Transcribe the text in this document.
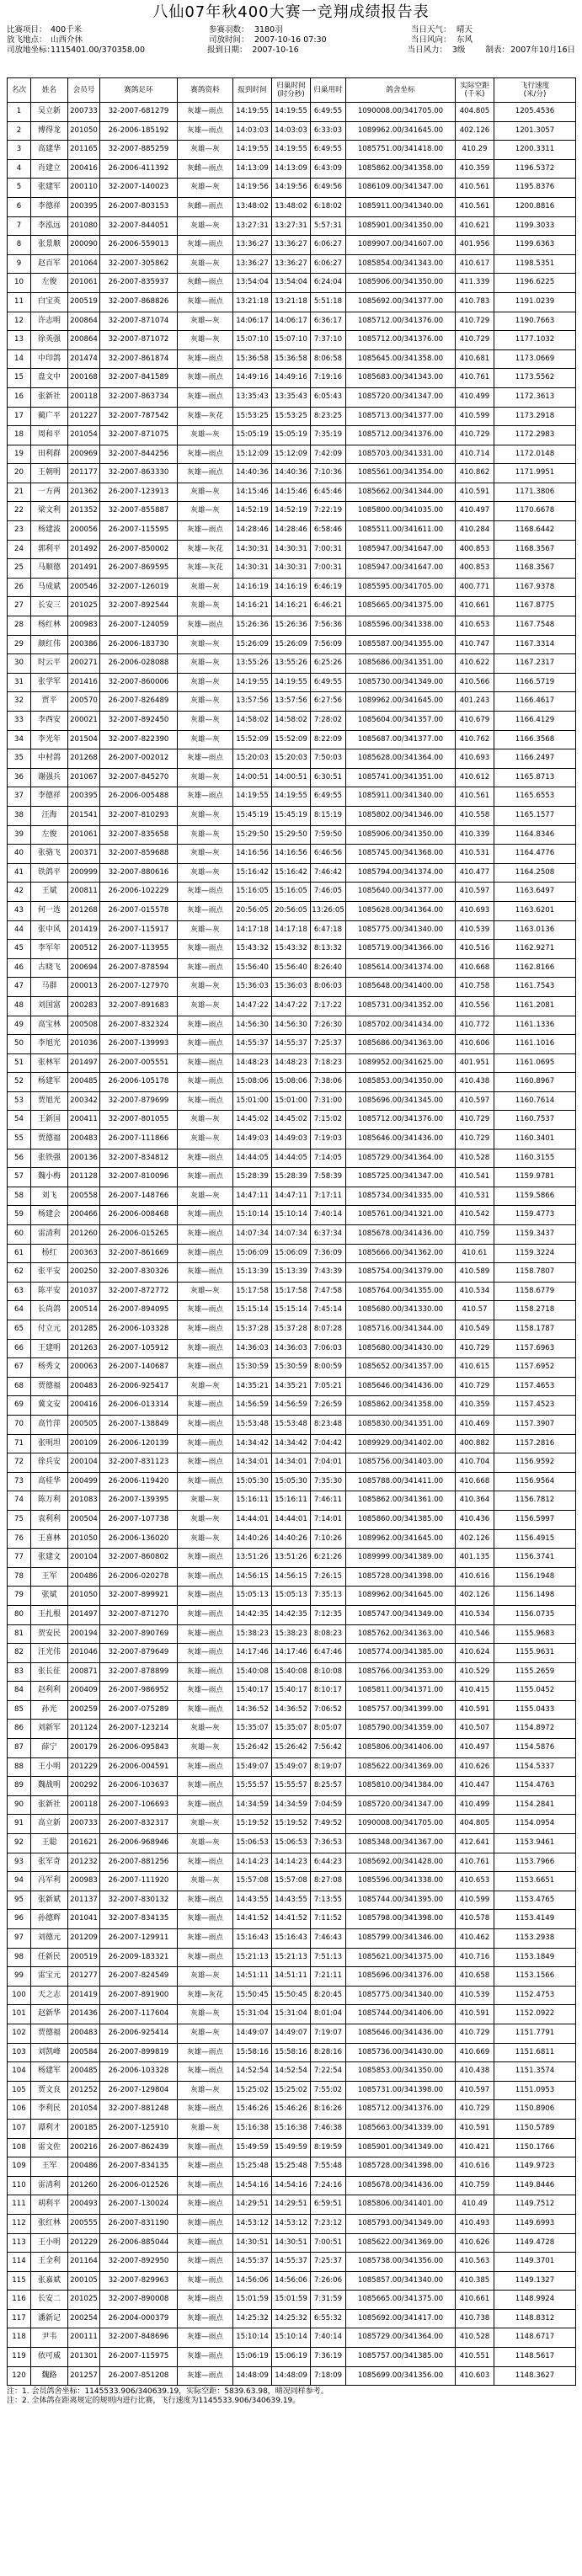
八仙07年秋400大赛一竞翔成绩报告表
比赛项目： 400千米	参赛羽数： 3180羽	当日天气： 晴天
放飞地点： 山西介休	司放时间： 2007-10-16 07:30	当日风向： 东风
司放地坐标：
1115401.00/370358.00	报到日期： 2007-10-16	当日风力： 3级	制表： 2007年10月16日
名次	姓名	会员号	赛鸽足环	赛鸽资料	报到时间	归巢时间
(时分秒)	归巢用时	鸽舍坐标	实际空距
(千米)	飞行速度
(米/分)
1	吴立新	200733	32-2007-681279	灰雄—雨点	14:19:55	14:19:55	6:49:55	1090008.00/341705.00	404.805	1205.4536
2	博得龙	201050	26-2006-185192	灰雄—雨点	14:03:03	14:03:03	6:33:03	1089962.00/341645.00	402.126	1201.3057
3	高建华	201165	32-2007-885259	灰雄—灰	14:19:55	14:19:55	6:49:55	1085751.00/341418.00	410.29	1200.3311
4	肖建立	200416	26-2006-411392	灰雌—雨点	14:13:09	14:13:09	6:43:09	1085862.00/341358.00	410.359	1196.5372
5	张建军	200110	32-2007-140023	灰雄—灰	14:19:56	14:19:56	6:49:56	1086109.00/341347.00	410.561	1195.8376
6	李德祥	200395	26-2007-803153	灰雌—雨点	13:48:02	13:48:02	6:18:02	1085911.00/341340.00	410.561	1200.8816
7	李泓远	201080	32-2007-844051	灰雄—灰	13:27:31	13:27:31	5:57:31	1085901.00/341350.00	410.621	1199.3033
8	张景顺	200090	26-2006-559013	灰雄—雨点	13:36:27	13:36:27	6:06:27	1089907.00/341607.00	401.956	1199.6363
9	赵百军	201064	32-2007-305862	灰雄—灰	13:36:27	13:36:27	6:06:27	1085854.00/341343.00	410.617	1198.5351
10	左俊	201061	26-2007-835937	灰雌—雨点	13:54:04	13:54:04	6:24:04	1085906.00/341350.00	411.339	1196.6225
11	白宝英	200519	32-2007-868826	灰雄—雨点	13:21:18	13:21:18	5:51:18	1085692.00/341377.00	410.783	1191.0239
12	许志明	200864	32-2007-871074	灰雄—灰	14:06:17	14:06:17	6:36:17	1085712.00/341376.00	410.729	1190.7663
13	徐英强	200864	32-2007-871072	灰雄—灰	15:07:10	15:07:10	7:37:10	1085712.00/341376.00	410.729	1177.1032
14	中印鸽	201474	32-2007-861874	灰雄—雨点	15:36:58	15:36:58	8:06:58	1085645.00/341358.00	410.681	1173.0669
15	盘文中	200168	32-2007-841589	灰雄—雨点	14:49:16	14:49:16	7:19:16	1085683.00/341343.00	410.761	1173.5562
16	张新社	200118	32-2007-863734	灰雄—雨点	13:35:43	13:35:43	6:05:43	1085720.00/341347.00	410.499	1172.3613
17	蔺广平	201227	32-2007-787542	灰雄—灰花	15:53:25	15:53:25	8:23:25	1085713.00/341377.00	410.599	1173.2918
18	周和平	201054	32-2007-871075	灰雄—灰	15:05:19	15:05:19	7:35:19	1085712.00/341376.00	410.729	1172.2983
19	田利群	200969	32-2007-844256	灰雄—雨点	15:12:09	15:12:09	7:42:09	1085703.00/341331.00	410.714	1172.0148
20	王朝明	201177	32-2007-863330	灰雄—雨点	14:40:36	14:40:36	7:10:36	1085561.00/341354.00	410.862	1171.9951
21	一方两	201362	26-2007-123913	灰雄—灰	14:15:46	14:15:46	6:45:46	1085662.00/341344.00	410.591	1171.3806
22	梁文利	201352	32-2007-855887	灰雄—灰	14:52:19	14:52:19	7:22:19	1085800.00/341035.00	410.497	1170.6678
23	杨建波	200056	26-2007-115595	灰雄—雨点	14:28:46	14:28:46	6:58:46	1085511.00/341611.00	410.284	1168.6442
24	郭利平	201492	26-2007-850002	灰雄—灰花	14:30:31	14:30:31	7:00:31	1085947.00/341647.00	400.853	1168.3567
25	马顺德	201491	26-2007-869595	灰雄—灰花	14:30:31	14:30:31	7:00:31	1085947.00/341647.00	400.853	1168.3567
26	马成斌	200546	32-2007-126019	灰雄—灰	14:16:19	14:16:19	6:46:19	1085595.00/341705.00	400.771	1167.9378
27	长安三	201025	32-2007-892544	灰雄—灰	14:16:21	14:16:21	6:46:21	1085665.00/341375.00	410.661	1167.8775
28	杨红林	200983	26-2007-124059	灰雄—雨点	15:26:36	15:26:36	7:56:36	1085596.00/341338.00	410.653	1167.7548
29	颜红伟	200386	26-2006-183730	灰雄—灰	15:26:09	15:26:09	7:56:09	1085587.00/341355.00	410.747	1167.3314
30	时云平	200271	26-2006-028088	灰雄—灰	13:55:26	13:55:26	6:25:26	1085686.00/341351.00	410.622	1167.2317
31	张学军	201416	32-2007-860006	灰雄—灰	14:19:55	14:19:55	6:49:55	1085730.00/341349.00	410.566	1166.5719
32	贾平	200570	26-2007-826489	灰雄—灰	13:57:56	13:57:56	6:27:56	1089962.00/341645.00	401.243	1166.4617
33	李西安	200021	32-2007-892450	灰雄—灰	14:58:02	14:58:02	7:28:02	1085604.00/341357.00	410.679	1166.4129
34	李光年	201504	32-2007-822390	灰雄—灰	15:52:09	15:52:09	8:22:09	1085687.00/341377.00	410.762	1166.3568
35	中村鸽	201268	26-2007-002012	灰雄—雨点	15:20:03	15:20:03	7:50:03	1085628.00/341364.00	410.693	1166.2497
36	谢强兵	201067	32-2007-845270	灰雄—灰	14:00:51	14:00:51	6:30:51	1085741.00/341351.00	410.612	1165.8713
37	李德祥	200395	26-2006-005488	灰雄—雨点	14:19:55	14:19:55	6:49:55	1085911.00/341340.00	410.561	1165.6553
38	汪海	201541	32-2007-810293	灰雄—灰	15:45:19	15:45:19	8:15:19	1085802.00/341346.00	410.558	1165.1577
39	左俊	201061	32-2007-835658	灰雄—灰	15:29:50	15:29:50	7:59:50	1085906.00/341350.00	410.339	1164.8346
40	张骆飞	200371	32-2007-859688	灰雄—灰	14:16:56	14:16:56	6:46:56	1085745.00/341368.00	410.531	1164.4776
41	铁鸽平	200999	32-2007-880616	灰雄—灰	15:16:42	15:16:42	7:46:42	1085794.00/341374.00	410.477	1164.2508
42	王斌	200811	26-2006-102229	灰雄—雨点	15:16:05	15:16:05	7:46:05	1085640.00/341377.00	410.597	1163.6497
43	何一选	201268	26-2007-015578	灰雄—雨点	20:56:05	20:56:05	13:26:05	1085628.00/341364.00	410.693	1163.6201
44	张中风	201419	26-2007-115917	灰雄—灰	14:17:18	14:17:18	6:47:18	1085775.00/341340.00	410.539	1163.0136
45	李军年	200512	26-2007-113955	灰雄—雨点	15:43:32	15:43:32	8:13:32	1085719.00/341366.00	410.516	1162.9271
46	古晓飞	200694	26-2007-878594	灰雄—雨点	15:56:40	15:56:40	8:26:40	1085614.00/341374.00	410.668	1162.8166
47	马群	200013	26-2007-127970	灰雄—灰	15:36:03	15:36:03	8:06:03	1085648.00/341400.00	410.758	1161.7543
48	刘国富	200283	32-2007-891683	灰雄—灰	14:47:22	14:47:22	7:17:22	1085731.00/341352.00	410.556	1161.2081
49	高宝林	200508	26-2007-832324	灰雄—雨点	14:56:30	14:56:30	7:26:30	1085702.00/341434.00	410.772	1161.1336
50	李旭光	201036	26-2007-139993	灰雄—雨点	14:55:37	14:55:37	7:25:37	1085686.00/341363.00	410.606	1161.1016
51	张林军	201497	26-2007-005551	灰雄—雨点	14:48:23	14:48:23	7:18:23	1089952.00/341625.00	401.951	1161.0695
52	杨建军	200485	26-2006-105178	灰雄—雨点	15:08:06	15:08:06	7:38:06	1085853.00/341350.00	410.438	1160.8967
53	贾旭光	200342	32-2007-879699	灰雄—雨点	15:01:00	15:01:00	7:31:00	1085696.00/341345.00	410.597	1160.7614
54	王新国	200411	32-2007-801055	灰雄—灰	14:45:02	14:45:02	7:15:02	1085712.00/341376.00	410.729	1160.7537
55	贾德福	200483	26-2007-111866	灰雄—灰	14:49:03	14:49:03	7:19:03	1085646.00/341436.00	410.729	1160.3401
56	张铁强	200136	32-2007-834812	灰雄—雨点	14:44:05	14:44:05	7:14:05	1085729.00/341364.00	410.528	1160.3155
57	魏小梅	201128	32-2007-810096	灰雄—雨点	15:28:39	15:28:39	7:58:39	1085725.00/341347.00	410.541	1159.9781
58	刘飞	200558	26-2007-148766	灰雄—灰	14:47:11	14:47:11	7:17:11	1085734.00/341335.00	410.531	1159.5866
59	杨建会	200466	26-2006-008468	灰雄—雨点	15:10:14	15:10:14	7:40:14	1085761.00/341321.00	410.542	1159.4773
60	雷清利	201260	26-2006-015265	灰雄—雨点	14:07:34	14:07:34	6:37:34	1085678.00/341436.00	410.759	1159.3437
61	杨红	200363	32-2007-861669	灰雄—雨点	15:06:09	15:06:09	7:36:09	1085666.00/341362.00	410.61	1159.3224
62	张平安	200250	32-2007-830326	灰雄—雨点	15:13:39	15:13:39	7:43:39	1085754.00/341379.00	410.589	1158.7807
63	陈平安	201037	32-2007-872772	灰雄—灰	15:17:58	15:17:58	7:47:58	1085764.00/341355.00	410.534	1158.6779
64	长尚鸽	200514	26-2007-894095	灰雄—雨点	15:15:14	15:15:14	7:45:14	1085680.00/341330.00	410.57	1158.2718
65	付立元	201285	26-2006-103328	灰雄—雨点	15:37:28	15:37:28	8:07:28	1085716.00/341344.00	410.549	1158.1787
66	王建明	201263	26-2007-105912	灰雄—雨点	14:36:03	14:36:03	7:06:03	1085680.00/341430.00	410.729	1157.6963
67	杨秀文	200063	26-2007-140687	灰雄—雨点	15:30:59	15:30:59	8:00:59	1085652.00/341357.00	410.615	1157.6952
68	贾德福	200483	26-2006-925417	灰雄—灰	14:35:21	14:35:21	7:05:21	1085646.00/341436.00	410.729	1157.4653
69	冀文安	200416	26-2006-013314	灰雄—雨点	14:56:59	14:56:59	7:26:59	1085862.00/341358.00	410.359	1157.4523
70	高竹萍	200505	26-2007-138849	灰雄—雨点	15:53:48	15:53:48	8:23:48	1085830.00/341351.00	410.469	1157.3907
71	张明坦	200109	26-2006-120139	灰雄—雨点	14:34:42	14:34:42	7:04:42	1089929.00/341402.00	400.882	1157.2816
72	徐兵安	200104	32-2007-831123	灰雄—雨点	14:34:01	14:34:01	7:04:01	1085756.00/341403.00	410.704	1156.9592
73	高桂华	200499	26-2006-119420	灰雄—雨点	15:05:30	15:05:30	7:35:30	1085788.00/341411.00	410.668	1156.9564
74	陈万利	201083	26-2007-139395	灰雄—灰	15:16:11	15:16:11	7:46:11	1085862.00/341361.00	410.364	1156.7812
75	袁利利	200504	26-2007-107738	灰雄—灰	14:44:01	14:44:01	7:14:01	1085860.00/341385.00	410.436	1156.5997
76	王喜林	201050	26-2006-136020	灰雄—灰	14:40:26	14:40:26	7:10:26	1089962.00/341645.00	402.126	1156.4915
77	张建文	200104	32-2007-860802	灰雄—雨点	13:51:26	13:51:26	6:21:26	1089999.00/341389.00	401.135	1156.3741
78	王军	200486	26-2006-020278	灰雄—雨点	14:56:15	14:56:15	7:26:15	1085728.00/341398.00	410.616	1156.1948
79	张斌	201050	32-2007-899921	灰雄—雨点	15:05:13	15:05:13	7:35:13	1089962.00/341645.00	402.126	1156.1498
80	王扎根	201497	32-2007-871270	灰雄—雨点	14:42:35	14:42:35	7:12:35	1085747.00/341349.00	410.534	1156.0735
81	贺安民	200194	32-2007-890769	灰雄—雨点	15:38:23	15:38:23	8:08:23	1085762.00/341363.00	410.546	1155.9683
82	汪光伟	201046	32-2007-879649	灰雄—雨点	14:17:46	14:17:46	6:47:46	1085774.00/341385.00	410.624	1155.9631
83	张长征	200871	32-2007-878899	灰雄—雨点	15:40:08	15:40:08	8:10:08	1085766.00/341353.00	410.529	1155.2659
84	赵利利	200409	26-2007-986952	灰雄—雨点	15:40:17	15:40:17	8:10:17	1085811.00/341371.00	410.415	1155.0452
85	孙光	200259	26-2007-075289	灰雄—雨点	14:36:52	14:36:52	7:06:52	1085757.00/341399.00	410.591	1155.0433
86	刘新军	201124	26-2007-123214	灰雄—灰	15:35:07	15:35:07	8:05:07	1085790.00/341359.00	410.507	1154.8972
87	薛宁	200179	26-2006-095843	灰雄—灰	15:26:42	15:26:42	7:56:42	1085806.00/341406.00	410.497	1154.5876
88	王小明	201229	26-2006-004591	灰雄—雨点	15:49:07	15:49:07	8:19:07	1085622.00/341369.00	410.626	1154.5337
89	魏战明	200292	26-2006-103637	灰雄—雨点	15:55:57	15:55:57	8:25:57	1085810.00/341384.00	410.447	1154.4763
90	张新社	200118	26-2007-106693	灰雄—雨点	14:34:59	14:34:59	7:04:59	1085720.00/341347.00	410.499	1154.2841
91	高立新	200733	26-2007-832317	灰雄—灰	15:19:52	15:19:52	7:49:52	1090008.00/341705.00	404.805	1154.0954
92	王聪	201621	26-2006-968946	灰雄—灰	15:06:53	15:06:53	7:36:53	1085348.00/341367.00	412.641	1153.9461
93	张军奇	201232	26-2007-881256	灰雄—雨点	14:14:23	14:14:23	6:44:23	1085692.00/341428.00	410.761	1153.7966
94	冯军利	200983	26-2007-111920	灰雄—灰	15:57:08	15:57:08	8:27:08	1085596.00/341338.00	410.653	1153.6651
95	张新斌	201137	32-2007-830132	灰雄—雨点	14:43:55	14:43:55	7:13:55	1085744.00/341395.00	410.599	1153.4765
96	孙德辉	201041	32-2007-834135	灰雄—雨点	14:41:52	14:41:52	7:11:52	1085798.00/341398.00	410.578	1153.4149
97	刘德元	201209	26-2007-129911	灰雄—雨点	15:16:43	15:16:43	7:46:43	1085799.00/341346.00	410.462	1153.2938
98	任新民	200519	26-2009-183321	灰雄—雨点	15:21:13	15:21:13	7:51:13	1085621.00/341375.00	410.716	1153.1849
99	雷宝元	201277	26-2007-824549	灰雄—灰	14:51:11	14:51:11	7:21:11	1085696.00/341376.00	410.658	1153.1566
100	天之志	201419	26-2007-891900	灰雄—灰花	15:50:45	15:50:45	8:20:45	1085775.00/341340.00	410.539	1152.4753
101	赵新华	201436	26-2007-117604	灰雄—灰	15:31:04	15:31:04	8:01:04	1085744.00/341406.00	410.591	1152.0922
102	贾德福	200483	26-2006-925414	灰雄—灰	14:49:07	14:49:07	7:19:07	1085646.00/341436.00	410.729	1151.7791
103	刘凯峰	200584	26-2007-899819	灰雄—雨点	15:58:16	15:58:16	8:28:16	1085736.00/341430.00	410.669	1151.6811
104	杨建军	200485	26-2006-103328	灰雄—雨点	14:52:54	14:52:54	7:22:54	1085853.00/341350.00	410.438	1151.3574
105	贾文良	201252	26-2007-129804	灰雄—灰	15:25:02	15:25:02	7:55:02	1085731.00/341398.00	410.597	1151.0953
106	李利民	201054	32-2007-881248	灰雄—雨点	15:46:26	15:46:26	8:16:26	1085712.00/341376.00	410.729	1150.8906
107	谭利才	200185	26-2007-125910	灰雄—灰	15:16:38	15:16:38	7:46:38	1085663.00/341339.00	410.591	1150.5789
108	雷文佐	200216	26-2007-862439	灰雄—雨点	15:49:59	15:49:59	8:19:59	1085901.00/341349.00	410.421	1150.1766
109	王军	200486	26-2007-834135	灰雄—雨点	15:25:48	15:25:48	7:55:48	1085728.00/341398.00	410.616	1149.9723
110	雷清利	201260	26-2006-012526	灰雄—雨点	14:54:16	14:54:16	7:24:16	1085678.00/341436.00	410.759	1149.8446
111	胡利平	200493	26-2007-130024	灰雄—雨点	14:29:51	14:29:51	6:59:51	1085806.00/341401.00	410.49	1149.7512
112	张红林	200555	26-2007-831190	灰雄—雨点	14:53:12	14:53:12	7:23:12	1085793.00/341349.00	410.493	1149.6993
113	王小明	201229	26-2006-885044	灰雄—雨点	14:30:51	14:30:51	7:00:51	1085622.00/341369.00	410.626	1149.4728
114	王全利	201164	32-2007-892950	灰雄—雨点	14:55:37	14:55:37	7:25:37	1085738.00/341356.00	410.563	1149.3701
115	张嘉斌	200105	32-2007-829963	灰雄—雨点	14:56:06	14:56:06	7:26:06	1085857.00/341340.00	410.385	1149.1327
116	长安二	201025	32-2007-890008	灰雄—雨点	15:01:59	15:01:59	7:31:59	1085665.00/341375.00	410.661	1148.9924
117	潘新记	200254	26-2004-000379	灰雄—雨点	14:25:32	14:25:32	6:55:32	1085692.00/341417.00	410.738	1148.8312
118	尹韦	200111	32-2007-848696	灰雄—雨点	15:10:14	15:10:14	7:40:14	1085729.00/341364.00	410.528	1148.6717
119	依可威	201301	26-2007-115975	灰雄—雨点	15:06:19	15:06:19	7:36:19	1085757.00/341385.00	410.551	1148.5617
120	魏路	201257	26-2007-851208	灰雄—雨点	14:48:09	14:48:09	7:18:09	1085699.00/341356.00	410.603	1148.3627
注：1. 会员鸽舍坐标：1145533.906/340639.19，实际空距：5839.63.98，晴况同样参考。
注：2. 全体鸽在距离规定的规则内进行比赛，飞行速度为1145533.906/340639.19。
